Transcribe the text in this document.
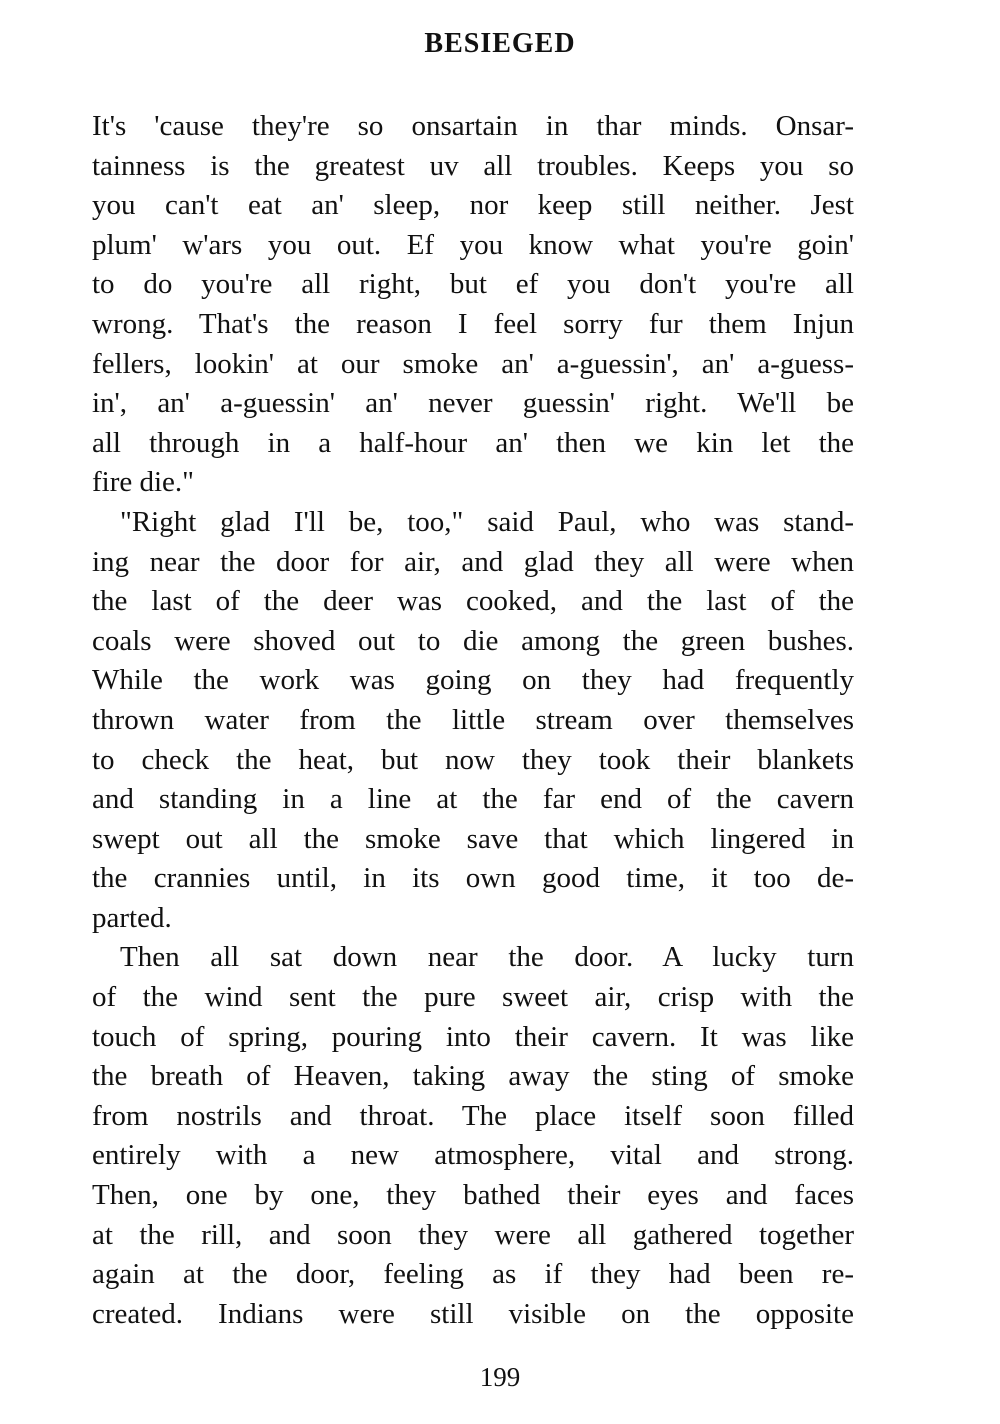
BESIEGED
It's 'cause they're so onsartain in thar minds. Onsar-
tainness is the greatest uv all troubles. Keeps you so
you can't eat an' sleep, nor keep still neither. Jest
plum' w'ars you out. Ef you know what you're goin'
to do you're all right, but ef you don't you're all
wrong. That's the reason I feel sorry fur them Injun
fellers, lookin' at our smoke an' a-guessin', an' a-guess-
in', an' a-guessin' an' never guessin' right. We'll be
all through in a half-hour an' then we kin let the
fire die."
"Right glad I'll be, too," said Paul, who was stand-
ing near the door for air, and glad they all were when
the last of the deer was cooked, and the last of the
coals were shoved out to die among the green bushes.
While the work was going on they had frequently
thrown water from the little stream over themselves
to check the heat, but now they took their blankets
and standing in a line at the far end of the cavern
swept out all the smoke save that which lingered in
the crannies until, in its own good time, it too de-
parted.
Then all sat down near the door. A lucky turn
of the wind sent the pure sweet air, crisp with the
touch of spring, pouring into their cavern. It was like
the breath of Heaven, taking away the sting of smoke
from nostrils and throat. The place itself soon filled
entirely with a new atmosphere, vital and strong.
Then, one by one, they bathed their eyes and faces
at the rill, and soon they were all gathered together
again at the door, feeling as if they had been re-
created. Indians were still visible on the opposite
199
